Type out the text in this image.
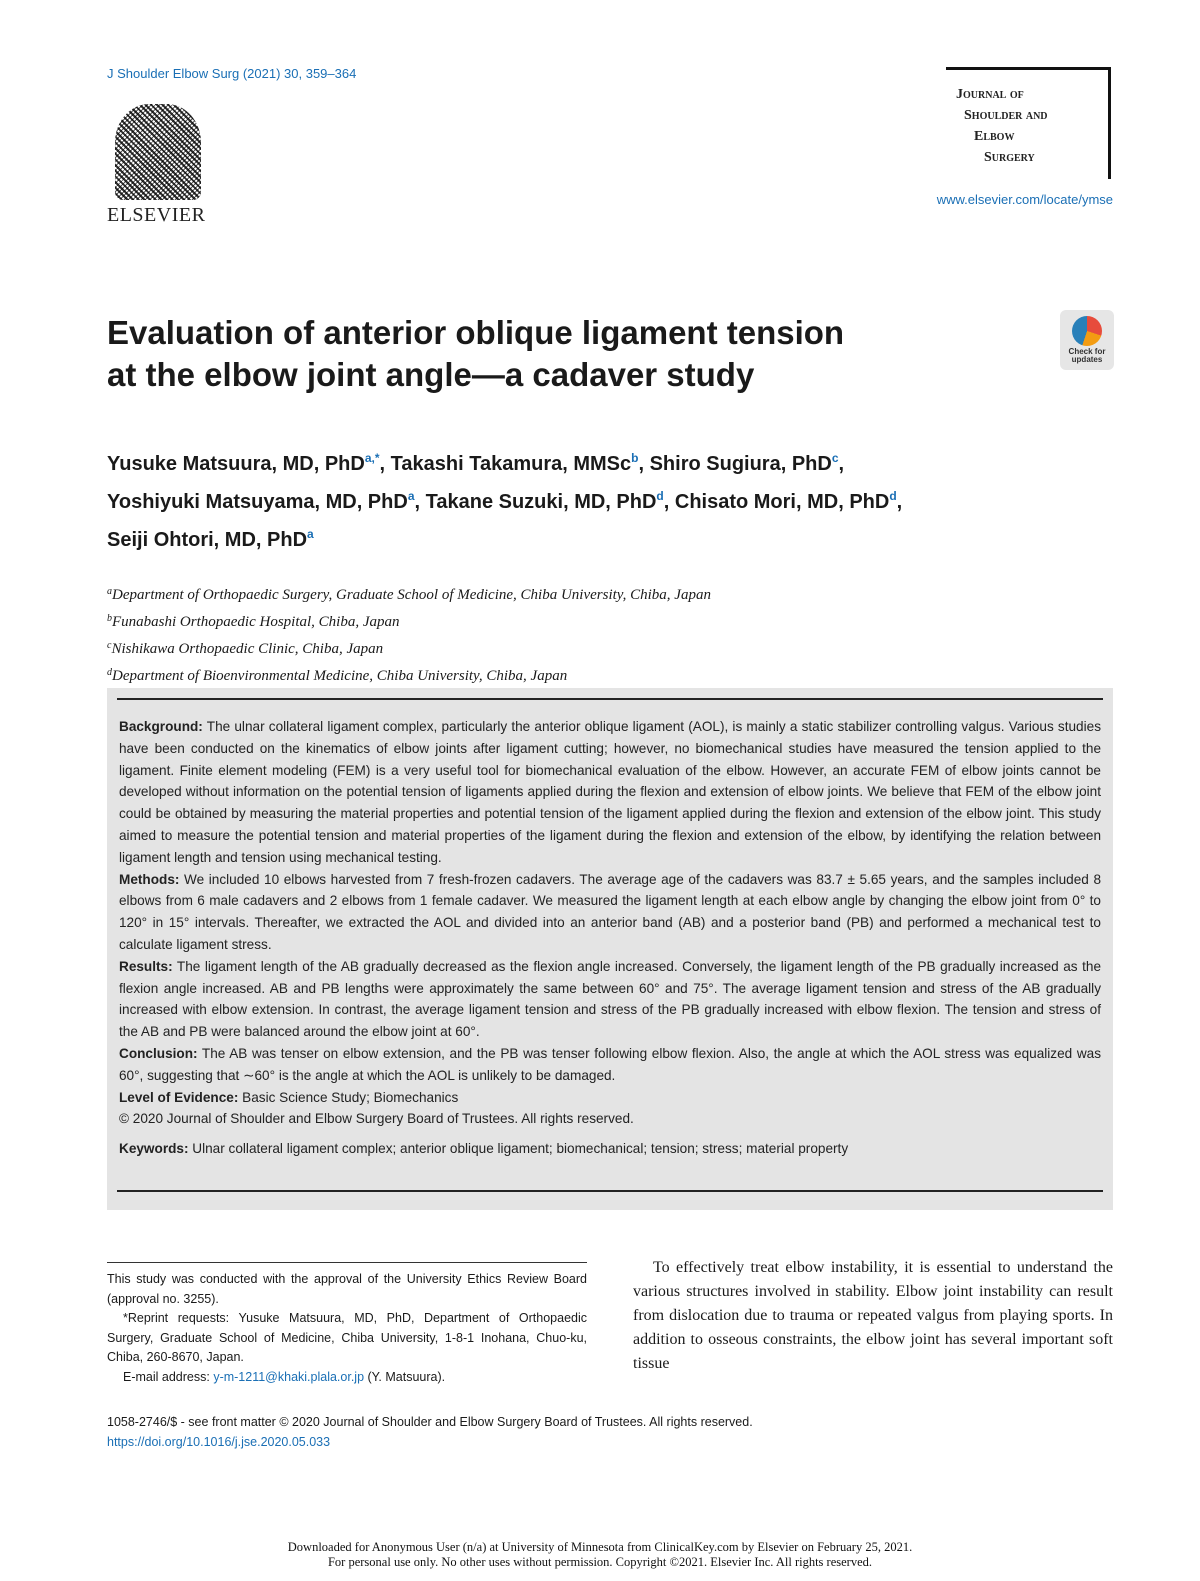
J Shoulder Elbow Surg (2021) 30, 359–364
ELSEVIER
Journal of
Shoulder and
Elbow
Surgery
www.elsevier.com/locate/ymse
Evaluation of anterior oblique ligament tension
at the elbow joint angle—a cadaver study
Check for
updates
Yusuke Matsuura, MD, PhD$^{a,*}$, Takashi Takamura, MMSc$^b$, Shiro Sugiura, PhD$^c$,
Yoshiyuki Matsuyama, MD, PhD$^a$, Takane Suzuki, MD, PhD$^d$, Chisato Mori, MD, PhD$^d$,
Seiji Ohtori, MD, PhD$^a$
$^a$Department of Orthopaedic Surgery, Graduate School of Medicine, Chiba University, Chiba, Japan
$^b$Funabashi Orthopaedic Hospital, Chiba, Japan
$^c$Nishikawa Orthopaedic Clinic, Chiba, Japan
$^d$Department of Bioenvironmental Medicine, Chiba University, Chiba, Japan

Background: The ulnar collateral ligament complex, particularly the anterior oblique ligament (AOL), is mainly a static stabilizer controlling valgus. Various studies have been conducted on the kinematics of elbow joints after ligament cutting; however, no biomechanical studies have measured the tension applied to the ligament. Finite element modeling (FEM) is a very useful tool for biomechanical evaluation of the elbow. However, an accurate FEM of elbow joints cannot be developed without information on the potential tension of ligaments applied during the flexion and extension of elbow joints. We believe that FEM of the elbow joint could be obtained by measuring the material properties and potential tension of the ligament applied during the flexion and extension of the elbow joint. This study aimed to measure the potential tension and material properties of the ligament during the flexion and extension of the elbow, by identifying the relation between ligament length and tension using mechanical testing.

Methods: We included 10 elbows harvested from 7 fresh-frozen cadavers. The average age of the cadavers was 83.7 ± 5.65 years, and the samples included 8 elbows from 6 male cadavers and 2 elbows from 1 female cadaver. We measured the ligament length at each elbow angle by changing the elbow joint from 0° to 120° in 15° intervals. Thereafter, we extracted the AOL and divided into an anterior band (AB) and a posterior band (PB) and performed a mechanical test to calculate ligament stress.

Results: The ligament length of the AB gradually decreased as the flexion angle increased. Conversely, the ligament length of the PB gradually increased as the flexion angle increased. AB and PB lengths were approximately the same between 60° and 75°. The average ligament tension and stress of the AB gradually increased with elbow extension. In contrast, the average ligament tension and stress of the PB gradually increased with elbow flexion. The tension and stress of the AB and PB were balanced around the elbow joint at 60°.

Conclusion: The AB was tenser on elbow extension, and the PB was tenser following elbow flexion. Also, the angle at which the AOL stress was equalized was 60°, suggesting that ∼60° is the angle at which the AOL is unlikely to be damaged.

Level of Evidence: Basic Science Study; Biomechanics

© 2020 Journal of Shoulder and Elbow Surgery Board of Trustees. All rights reserved.

Keywords: Ulnar collateral ligament complex; anterior oblique ligament; biomechanical; tension; stress; material property

This study was conducted with the approval of the University Ethics Review Board (approval no. 3255).

*Reprint requests: Yusuke Matsuura, MD, PhD, Department of Orthopaedic Surgery, Graduate School of Medicine, Chiba University, 1-8-1 Inohana, Chuo-ku, Chiba, 260-8670, Japan.

E-mail address: y-m-1211@khaki.plala.or.jp (Y. Matsuura).

To effectively treat elbow instability, it is essential to understand the various structures involved in stability. Elbow joint instability can result from dislocation due to trauma or repeated valgus from playing sports. In addition to osseous constraints, the elbow joint has several important soft tissue
1058-2746/$ - see front matter © 2020 Journal of Shoulder and Elbow Surgery Board of Trustees. All rights reserved.
https://doi.org/10.1016/j.jse.2020.05.033
Downloaded for Anonymous User (n/a) at University of Minnesota from ClinicalKey.com by Elsevier on February 25, 2021.
For personal use only. No other uses without permission. Copyright ©2021. Elsevier Inc. All rights reserved.
